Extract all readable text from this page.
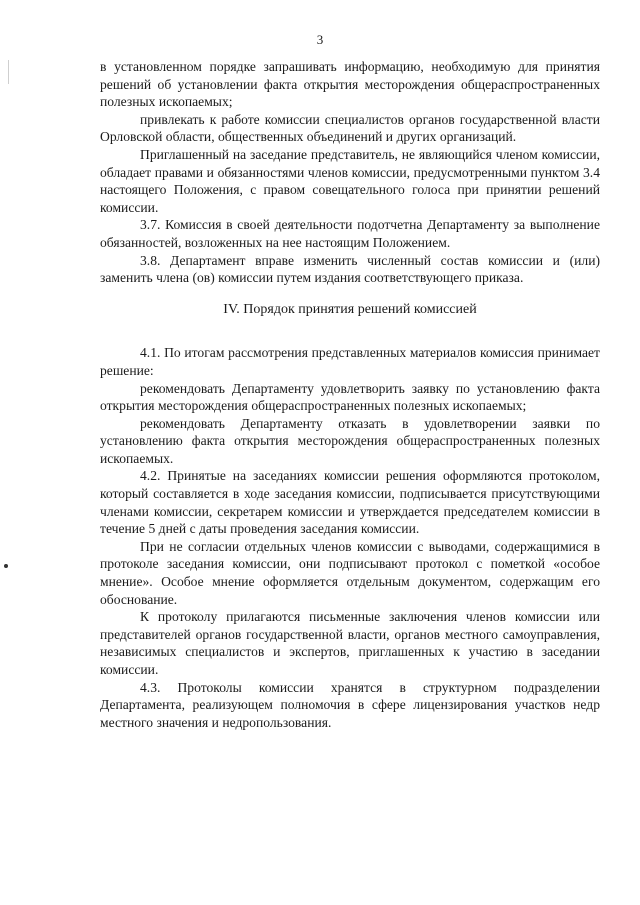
3

в установленном порядке запрашивать информацию, необходимую для принятия решений об установлении факта открытия месторождения общераспространенных полезных ископаемых;

привлекать к работе комиссии специалистов органов государственной власти Орловской области, общественных объединений и других организаций.

Приглашенный на заседание представитель, не являющийся членом комиссии, обладает правами и обязанностями членов комиссии, предусмотренными пунктом 3.4 настоящего Положения, с правом совещательного голоса при принятии решений комиссии.

3.7. Комиссия в своей деятельности подотчетна Департаменту за выполнение обязанностей, возложенных на нее настоящим Положением.

3.8. Департамент вправе изменить численный состав комиссии и (или) заменить члена (ов) комиссии путем издания соответствующего приказа.

IV. Порядок принятия решений комиссией

4.1. По итогам рассмотрения представленных материалов комиссия принимает решение:

рекомендовать Департаменту удовлетворить заявку по установлению факта открытия месторождения общераспространенных полезных ископаемых;

рекомендовать Департаменту отказать в удовлетворении заявки по установлению факта открытия месторождения общераспространенных полезных ископаемых.

4.2. Принятые на заседаниях комиссии решения оформляются протоколом, который составляется в ходе заседания комиссии, подписывается присутствующими членами комиссии, секретарем комиссии и утверждается председателем комиссии в течение 5 дней с даты проведения заседания комиссии.

При не согласии отдельных членов комиссии с выводами, содержащимися в протоколе заседания комиссии, они подписывают протокол с пометкой «особое мнение». Особое мнение оформляется отдельным документом, содержащим его обоснование.

К протоколу прилагаются письменные заключения членов комиссии или представителей органов государственной власти, органов местного самоуправления, независимых специалистов и экспертов, приглашенных к участию в заседании комиссии.

4.3. Протоколы комиссии хранятся в структурном подразделении Департамента, реализующем полномочия в сфере лицензирования участков недр местного значения и недропользования.
